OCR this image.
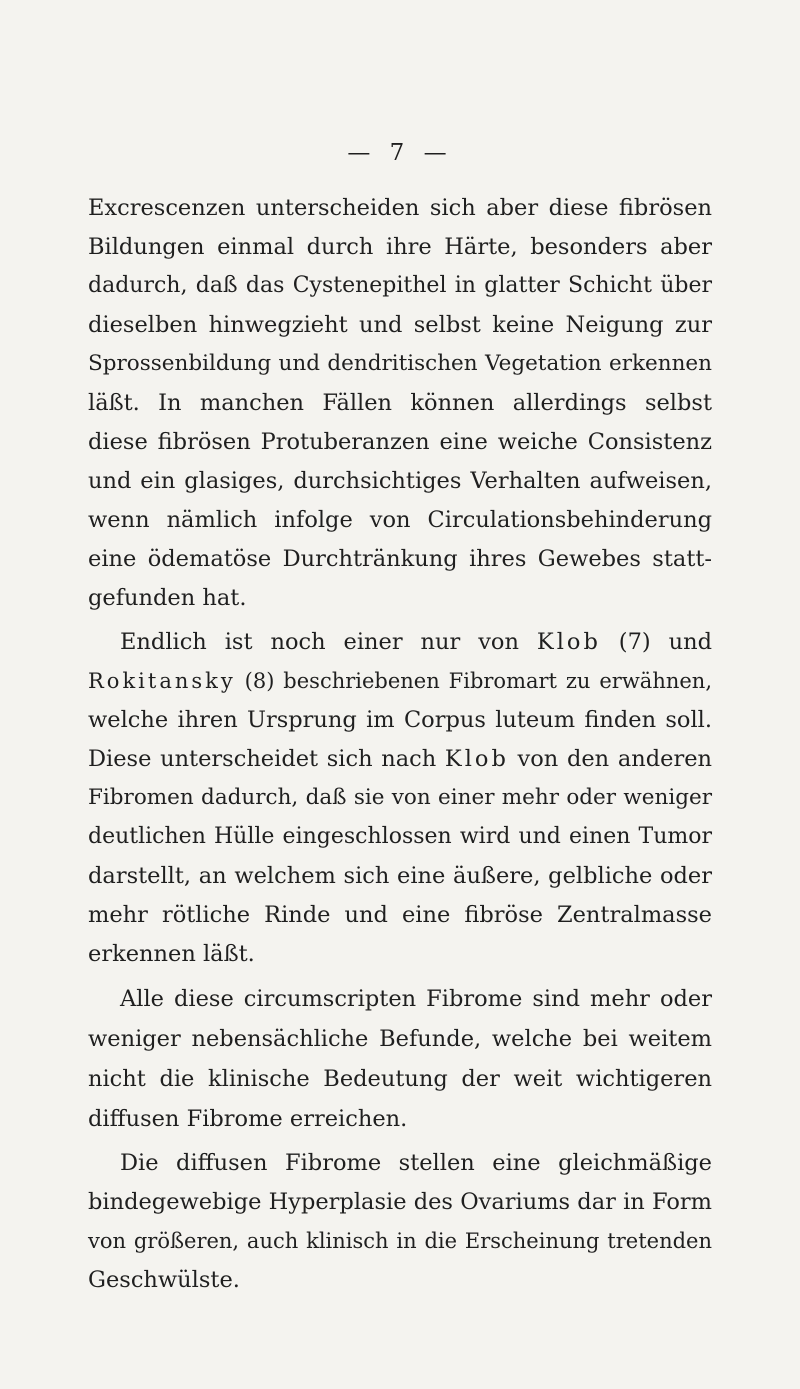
— 7 —
Excrescenzen unterscheiden sich aber diese fibrösen
Bildungen einmal durch ihre Härte, besonders aber
dadurch, daß das Cystenepithel in glatter Schicht über
dieselben hinwegzieht und selbst keine Neigung zur
Sprossenbildung und dendritischen Vegetation erkennen
läßt. In manchen Fällen können allerdings selbst
diese fibrösen Protuberanzen eine weiche Consistenz
und ein glasiges, durchsichtiges Verhalten aufweisen,
wenn nämlich infolge von Circulationsbehinderung
eine ödematöse Durchtränkung ihres Gewebes statt-
gefunden hat.
Endlich ist noch einer nur von Klob (7) und
Rokitansky (8) beschriebenen Fibromart zu erwähnen,
welche ihren Ursprung im Corpus luteum finden soll.
Diese unterscheidet sich nach Klob von den anderen
Fibromen dadurch, daß sie von einer mehr oder weniger
deutlichen Hülle eingeschlossen wird und einen Tumor
darstellt, an welchem sich eine äußere, gelbliche oder
mehr rötliche Rinde und eine fibröse Zentralmasse
erkennen läßt.
Alle diese circumscripten Fibrome sind mehr oder
weniger nebensächliche Befunde, welche bei weitem
nicht die klinische Bedeutung der weit wichtigeren
diffusen Fibrome erreichen.
Die diffusen Fibrome stellen eine gleichmäßige
bindegewebige Hyperplasie des Ovariums dar in Form
von größeren, auch klinisch in die Erscheinung tretenden
Geschwülste.
